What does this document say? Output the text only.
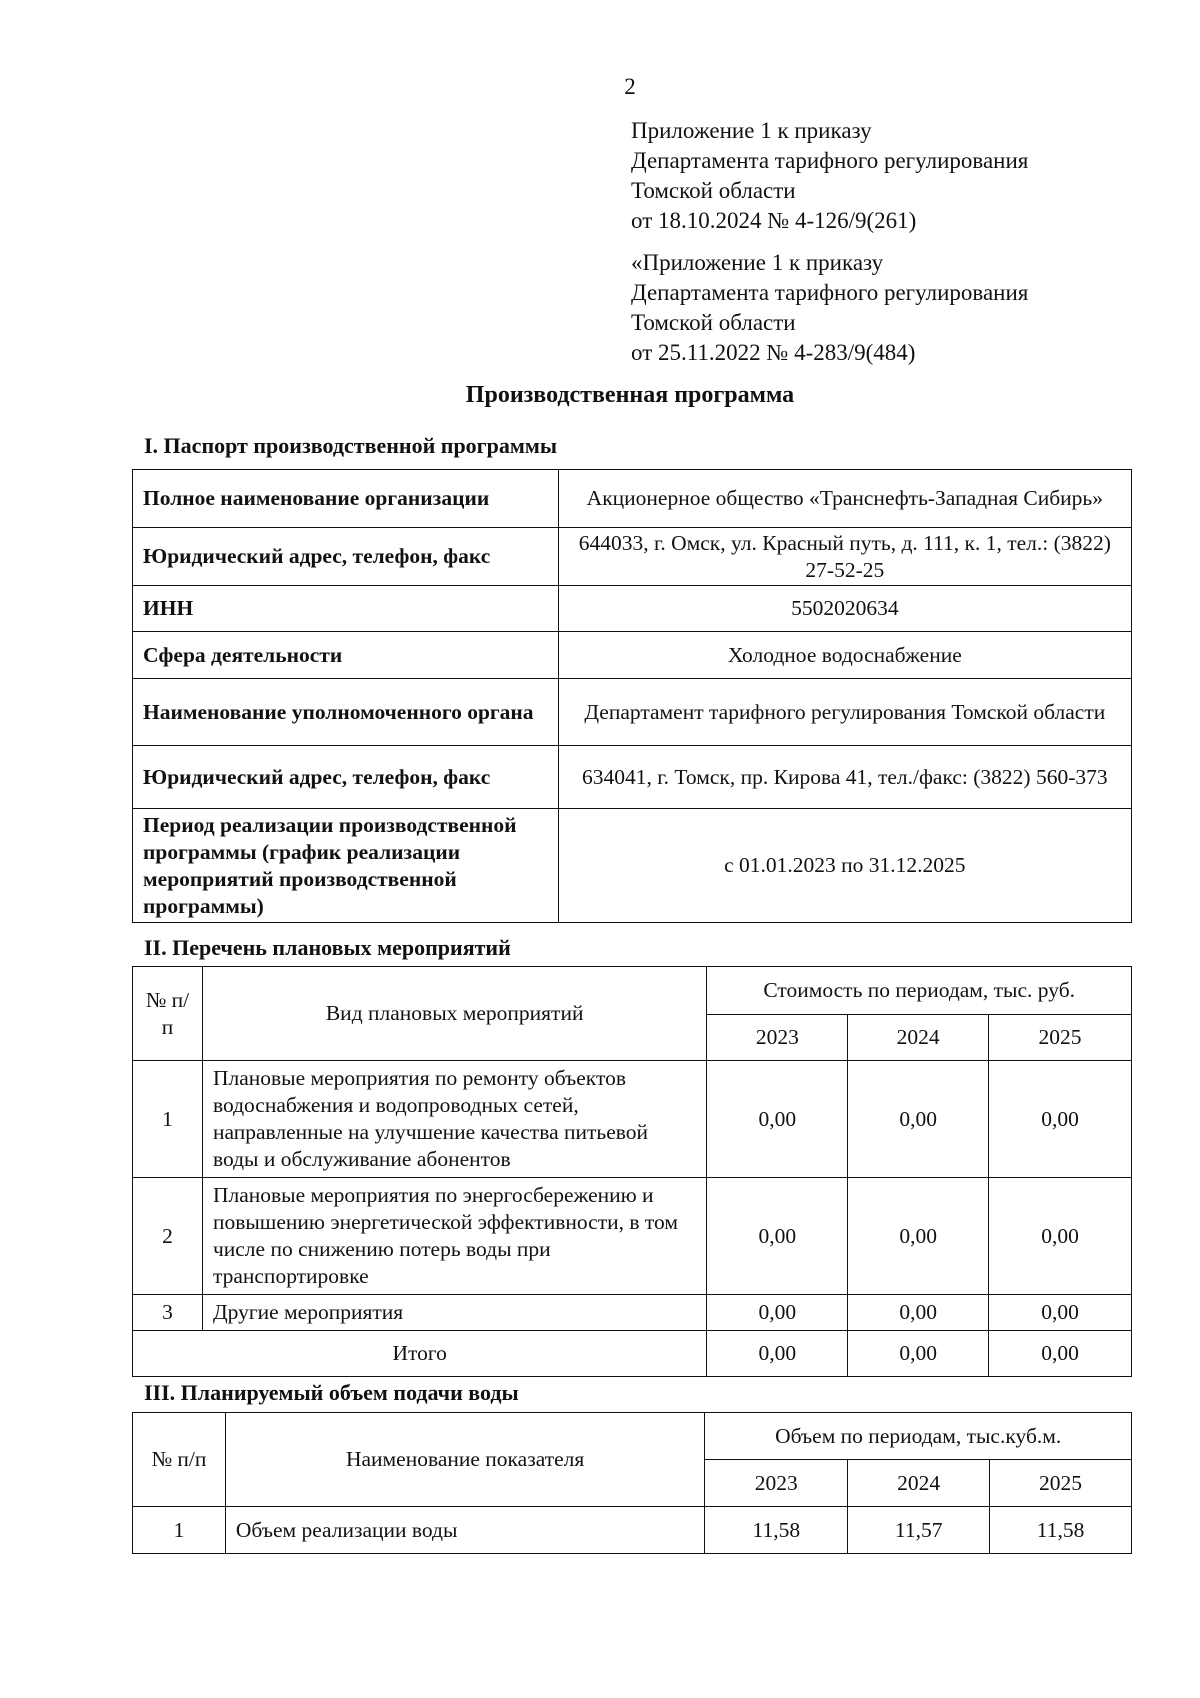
2
Приложение 1 к приказу
Департамента тарифного регулирования
Томской области
от 18.10.2024 № 4-126/9(261)
«Приложение 1 к приказу
Департамента тарифного регулирования
Томской области
от 25.11.2022 № 4-283/9(484)
Производственная программа
I. Паспорт производственной программы
Полное наименование организации	Акционерное общество «Транснефть-Западная Сибирь»
Юридический адрес, телефон, факс	644033, г. Омск, ул. Красный путь, д. 111, к. 1, тел.: (3822) 27-52-25
ИНН	5502020634
Сфера деятельности	Холодное водоснабжение
Наименование уполномоченного органа	Департамент тарифного регулирования Томской области
Юридический адрес, телефон, факс	634041, г. Томск, пр. Кирова 41, тел./факс: (3822) 560-373
Период реализации производственной программы (график реализации мероприятий производственной программы)	с 01.01.2023 по 31.12.2025
II. Перечень плановых мероприятий
№ п/п	Вид плановых мероприятий	Стоимость по периодам, тыс. руб.		
		2023	2024	2025
1	Плановые мероприятия по ремонту объектов водоснабжения и водопроводных сетей, направленные на улучшение качества питьевой воды и обслуживание абонентов	0,00	0,00	0,00
2	Плановые мероприятия по энергосбережению и повышению энергетической эффективности, в том числе по снижению потерь воды при транспортировке	0,00	0,00	0,00
3	Другие мероприятия	0,00	0,00	0,00
Итого		0,00	0,00	0,00
III. Планируемый объем подачи воды
№ п/п	Наименование показателя	Объем по периодам, тыс.куб.м.		
		2023	2024	2025
1	Объем реализации воды	11,58	11,57	11,58
